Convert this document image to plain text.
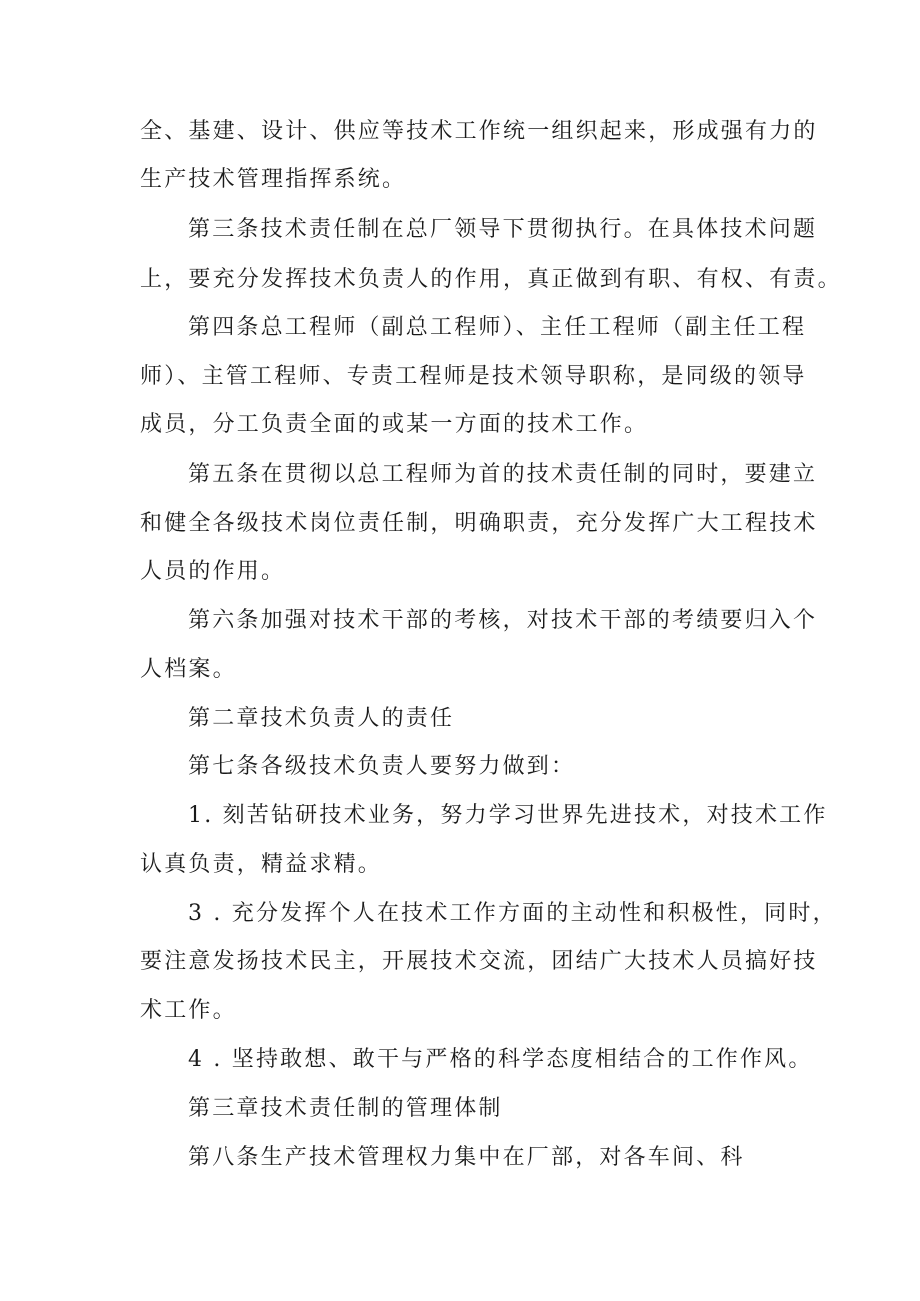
全、基建、设计、供应等技术工作统一组织起来，形成强有力的
生产技术管理指挥系统。
第三条技术责任制在总厂领导下贯彻执行。在具体技术问题
上，要充分发挥技术负责人的作用，真正做到有职、有权、有责。
第四条总工程师（副总工程师）、主任工程师（副主任工程
师）、主管工程师、专责工程师是技术领导职称，是同级的领导
成员，分工负责全面的或某一方面的技术工作。
第五条在贯彻以总工程师为首的技术责任制的同时，要建立
和健全各级技术岗位责任制，明确职责，充分发挥广大工程技术
人员的作用。
第六条加强对技术干部的考核，对技术干部的考绩要归入个
人档案。
第二章技术负责人的责任
第七条各级技术负责人要努力做到：
1. 刻苦钻研技术业务，努力学习世界先进技术，对技术工作
认真负责，精益求精。
3 . 充分发挥个人在技术工作方面的主动性和积极性，同时，
要注意发扬技术民主，开展技术交流，团结广大技术人员搞好技
术工作。
4 . 坚持敢想、敢干与严格的科学态度相结合的工作作风。
第三章技术责任制的管理体制
第八条生产技术管理权力集中在厂部，对各车间、科
